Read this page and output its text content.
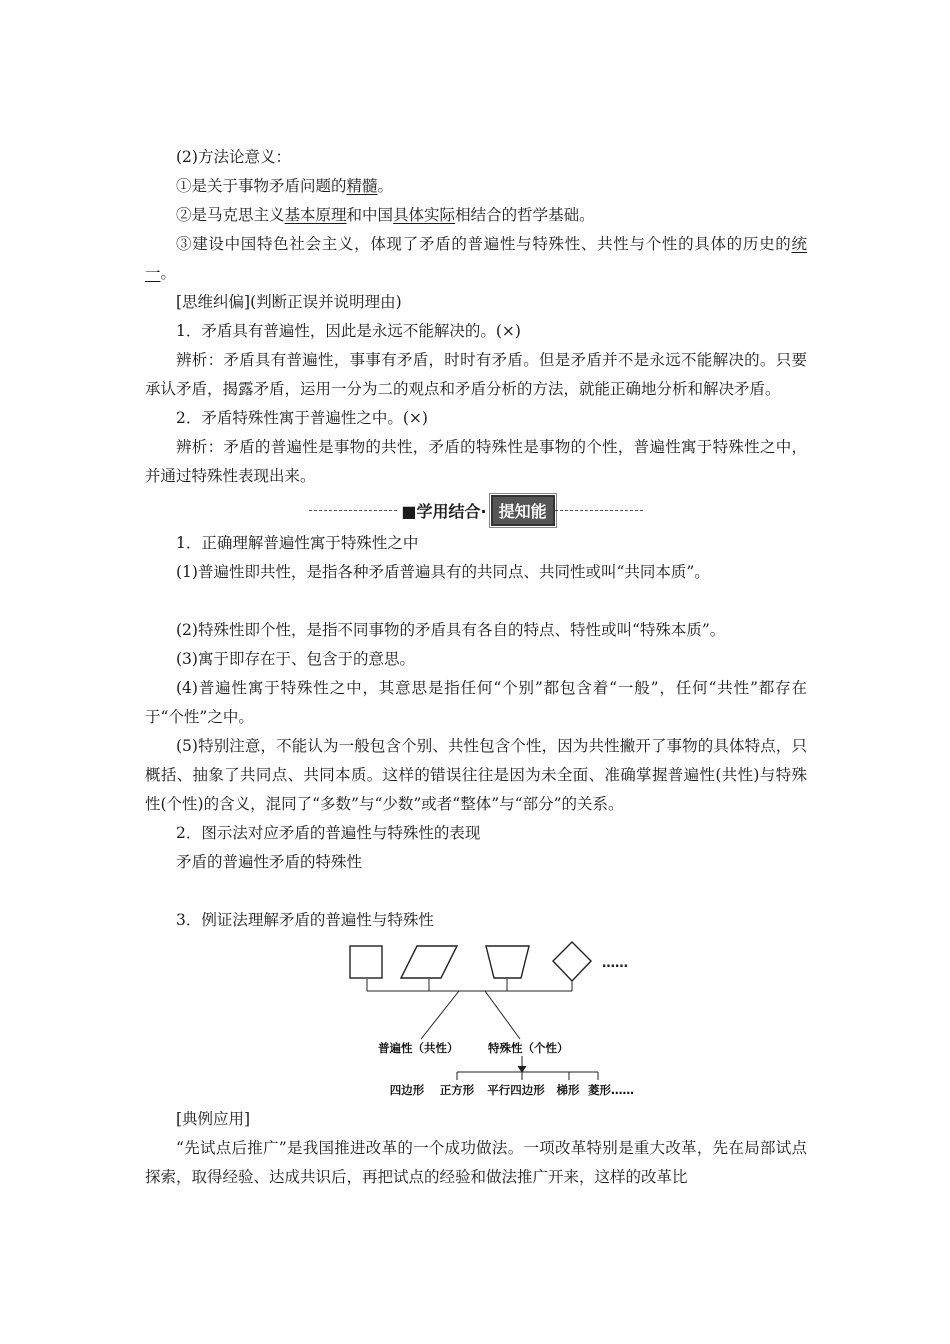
(2)方法论意义：

①是关于事物矛盾问题的精髓。

②是马克思主义基本原理和中国具体实际相结合的哲学基础。

③建设中国特色社会主义，体现了矛盾的普遍性与特殊性、共性与个性的具体的历史的统一。

[思维纠偏](判断正误并说明理由)

1．矛盾具有普遍性，因此是永远不能解决的。(×)

辨析：矛盾具有普遍性，事事有矛盾，时时有矛盾。但是矛盾并不是永远不能解决的。只要承认矛盾，揭露矛盾，运用一分为二的观点和矛盾分析的方法，就能正确地分析和解决矛盾。

2．矛盾特殊性寓于普遍性之中。(×)

辨析：矛盾的普遍性是事物的共性，矛盾的特殊性是事物的个性，普遍性寓于特殊性之中，并通过特殊性表现出来。

■学用结合· 提知能

1．正确理解普遍性寓于特殊性之中

(1)普遍性即共性，是指各种矛盾普遍具有的共同点、共同性或叫“共同本质”。

(2)特殊性即个性，是指不同事物的矛盾具有各自的特点、特性或叫“特殊本质”。

(3)寓于即存在于、包含于的意思。

(4)普遍性寓于特殊性之中，其意思是指任何“个别”都包含着“一般”，任何“共性”都存在于“个性”之中。

(5)特别注意，不能认为一般包含个别、共性包含个性，因为共性撇开了事物的具体特点，只概括、抽象了共同点、共同本质。这样的错误往往是因为未全面、准确掌握普遍性(共性)与特殊性(个性)的含义，混同了“多数”与“少数”或者“整体”与“部分”的关系。

2．图示法对应矛盾的普遍性与特殊性的表现

矛盾的普遍性矛盾的特殊性

3．例证法理解矛盾的普遍性与特殊性

……
普遍性（共性）	特殊性（个性）
四边形 正方形 平行四边形 梯形 菱形……

[典例应用]

“先试点后推广”是我国推进改革的一个成功做法。一项改革特别是重大改革，先在局部试点探索，取得经验、达成共识后，再把试点的经验和做法推广开来，这样的改革比
